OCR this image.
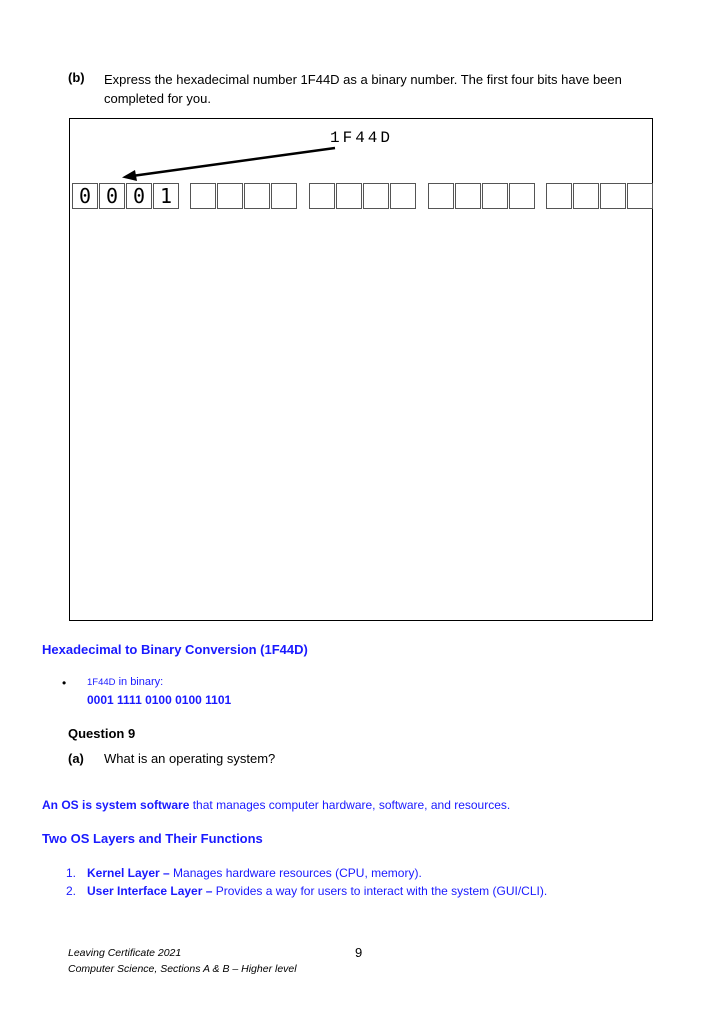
(b) Express the hexadecimal number 1F44D as a binary number. The first four bits have been completed for you.
1F44D
0 0 0 1
Hexadecimal to Binary Conversion (1F44D)
• 1F44D in binary:
0001 1111 0100 0100 1101
Question 9
(a) What is an operating system?
An OS is system software that manages computer hardware, software, and resources.
Two OS Layers and Their Functions
1. Kernel Layer – Manages hardware resources (CPU, memory).
2. User Interface Layer – Provides a way for users to interact with the system (GUI/CLI).
Leaving Certificate 2021
Computer Science, Sections A & B – Higher level
9
